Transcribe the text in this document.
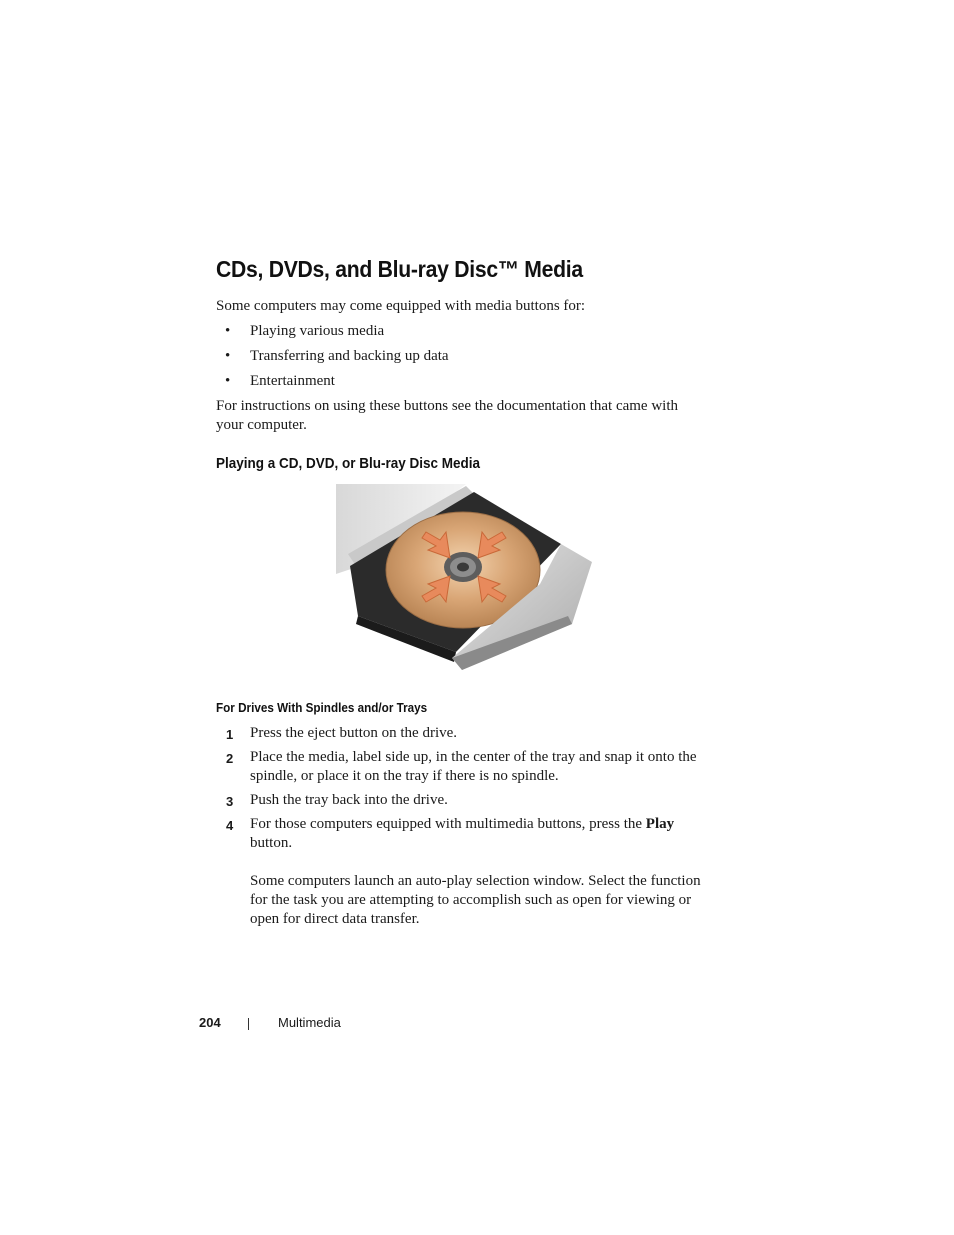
CDs, DVDs, and Blu-ray Disc™ Media

Some computers may come equipped with media buttons for:

• Playing various media
• Transferring and backing up data
• Entertainment

For instructions on using these buttons see the documentation that came with your computer.

Playing a CD, DVD, or Blu-ray Disc Media
For Drives With Spindles and/or Trays
1 Press the eject button on the drive.
2 Place the media, label side up, in the center of the tray and snap it onto the spindle, or place it on the tray if there is no spindle.
3 Push the tray back into the drive.
4 For those computers equipped with multimedia buttons, press the Play button.

Some computers launch an auto-play selection window. Select the function for the task you are attempting to accomplish such as open for viewing or open for direct data transfer.

204	Multimedia
